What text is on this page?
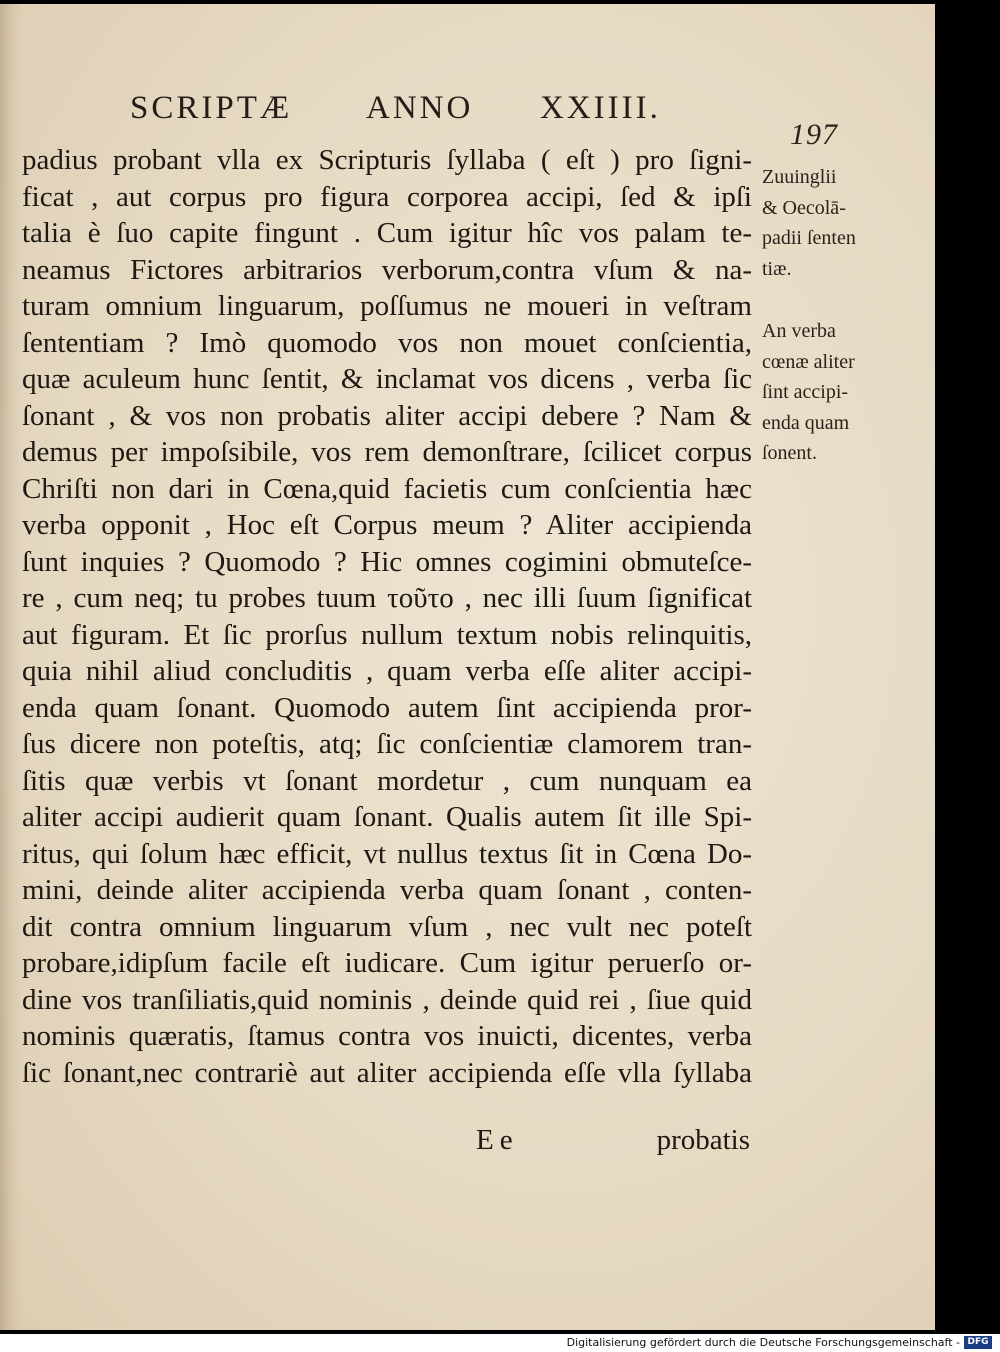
SCRIPTÆ ANNO XXIIII.
197
padius probant vlla ex Scripturis ſyllaba ( eſt ) pro ſigni-
ficat , aut corpus pro figura corporea accipi, ſed & ipſi
talia è ſuo capite fingunt . Cum igitur hîc vos palam te-
neamus Fictores arbitrarios verborum,contra vſum & na-
turam omnium linguarum, poſſumus ne moueri in veſtram
ſententiam ? Imò quomodo vos non mouet conſcientia,
quæ aculeum hunc ſentit, & inclamat vos dicens , verba ſic
ſonant , & vos non probatis aliter accipi debere ? Nam &
demus per impoſsibile, vos rem demonſtrare, ſcilicet corpus
Chriſti non dari in Cœna,quid facietis cum conſcientia hæc
verba opponit , Hoc eſt Corpus meum ? Aliter accipienda
ſunt inquies ? Quomodo ? Hic omnes cogimini obmuteſce-
re , cum neq; tu probes tuum τοῦτο , nec illi ſuum ſignificat
aut figuram. Et ſic prorſus nullum textum nobis relinquitis,
quia nihil aliud concluditis , quam verba eſſe aliter accipi-
enda quam ſonant. Quomodo autem ſint accipienda pror-
ſus dicere non poteſtis, atq; ſic conſcientiæ clamorem tran-
ſitis quæ verbis vt ſonant mordetur , cum nunquam ea
aliter accipi audierit quam ſonant. Qualis autem ſit ille Spi-
ritus, qui ſolum hæc efficit, vt nullus textus ſit in Cœna Do-
mini, deinde aliter accipienda verba quam ſonant , conten-
dit contra omnium linguarum vſum , nec vult nec poteſt
probare,idipſum facile eſt iudicare. Cum igitur peruerſo or-
dine vos tranſiliatis,quid nominis , deinde quid rei , ſiue quid
nominis quæratis, ſtamus contra vos inuicti, dicentes, verba
ſic ſonant,nec contrariè aut aliter accipienda eſſe vlla ſyllaba
Ee	probatis
Zuuinglii
& Oecolā-
padii ſenten
tiæ.
An verba
cœnæ aliter
ſint accipi-
enda quam
ſonent.
Digitalisierung gefördert durch die Deutsche Forschungsgemeinschaft - DFG
